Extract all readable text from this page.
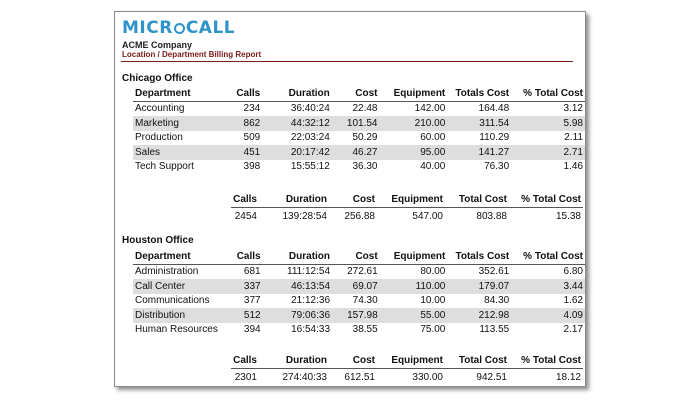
MICR CALL
ACME Company
Location / Department Billing Report
Chicago Office
Department	Calls	Duration	Cost	Equipment	Totals Cost	% Total Cost
Accounting	234	36:40:24	22.48	142.00	164.48	3.12
Marketing	862	44:32:12	101.54	210.00	311.54	5.98
Production	509	22:03:24	50.29	60.00	110.29	2.11
Sales	451	20:17:42	46.27	95.00	141.27	2.71
Tech Support	398	15:55:12	36.30	40.00	76.30	1.46
Calls	Duration	Cost	Equipment	Total Cost	% Total Cost
2454	139:28:54	256.88	547.00	803.88	15.38
Houston Office
Department	Calls	Duration	Cost	Equipment	Totals Cost	% Total Cost
Administration	681	111:12:54	272.61	80.00	352.61	6.80
Call Center	337	46:13:54	69.07	110.00	179.07	3.44
Communications	377	21:12:36	74.30	10.00	84.30	1.62
Distribution	512	79:06:36	157.98	55.00	212.98	4.09
Human Resources	394	16:54:33	38.55	75.00	113.55	2.17
Calls	Duration	Cost	Equipment	Total Cost	% Total Cost
2301	274:40:33	612.51	330.00	942.51	18.12
